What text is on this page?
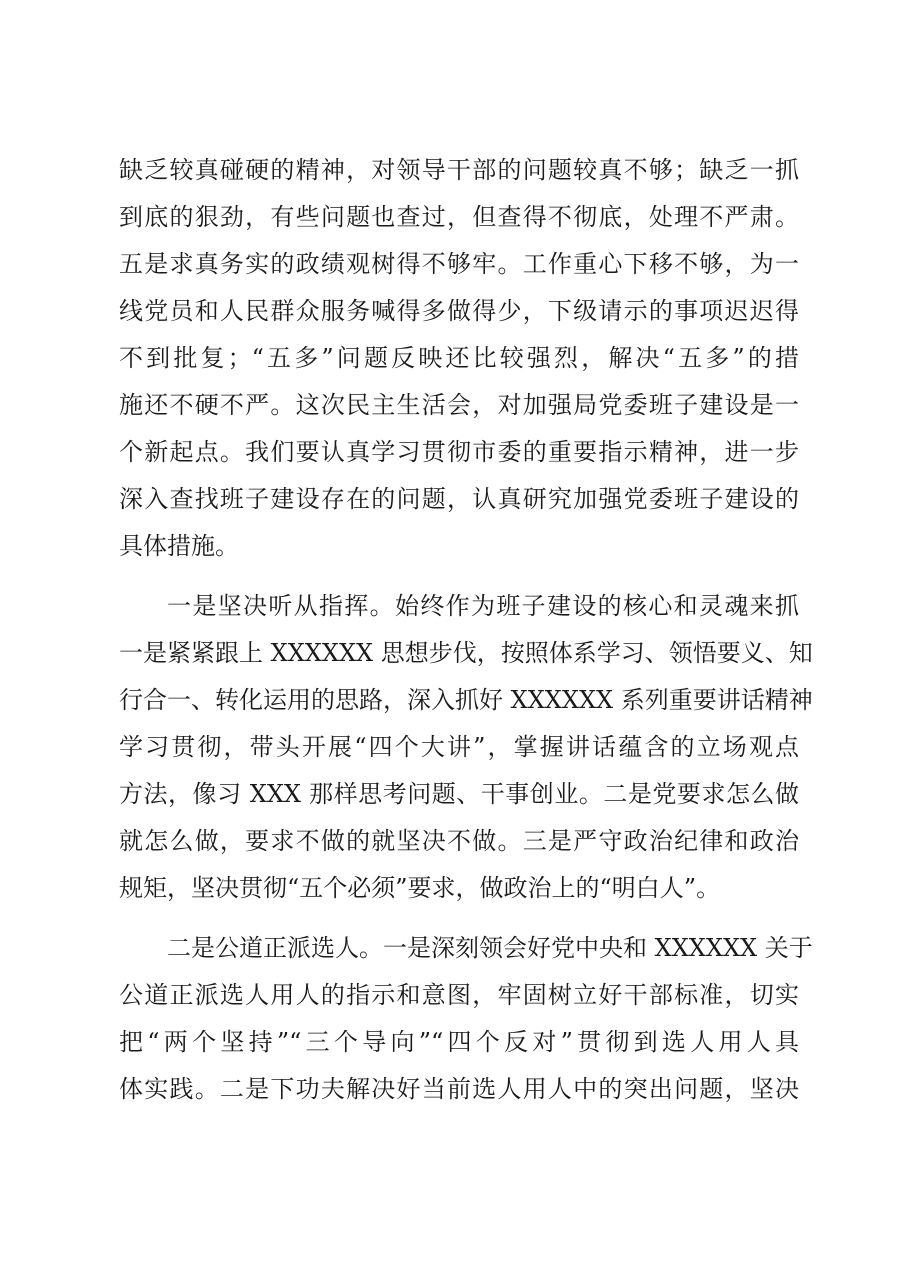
缺乏较真碰硬的精神，对领导干部的问题较真不够；缺乏一抓

到底的狠劲，有些问题也查过，但查得不彻底，处理不严肃。

五是求真务实的政绩观树得不够牢。工作重心下移不够，为一

线党员和人民群众服务喊得多做得少，下级请示的事项迟迟得

不到批复；“五多”问题反映还比较强烈，解决“五多”的措

施还不硬不严。这次民主生活会，对加强局党委班子建设是一

个新起点。我们要认真学习贯彻市委的重要指示精神，进一步

深入查找班子建设存在的问题，认真研究加强党委班子建设的

具体措施。

一是坚决听从指挥。始终作为班子建设的核心和灵魂来抓

一是紧紧跟上 XXXXXX 思想步伐，按照体系学习、领悟要义、知

行合一、转化运用的思路，深入抓好 XXXXXX 系列重要讲话精神

学习贯彻，带头开展“四个大讲”，掌握讲话蕴含的立场观点

方法，像习 XXX 那样思考问题、干事创业。二是党要求怎么做

就怎么做，要求不做的就坚决不做。三是严守政治纪律和政治

规矩，坚决贯彻“五个必须”要求，做政治上的“明白人”。

二是公道正派选人。一是深刻领会好党中央和 XXXXXX 关于

公道正派选人用人的指示和意图，牢固树立好干部标准，切实

把“两个坚持”“三个导向”“四个反对”贯彻到选人用人具

体实践。二是下功夫解决好当前选人用人中的突出问题，坚决
